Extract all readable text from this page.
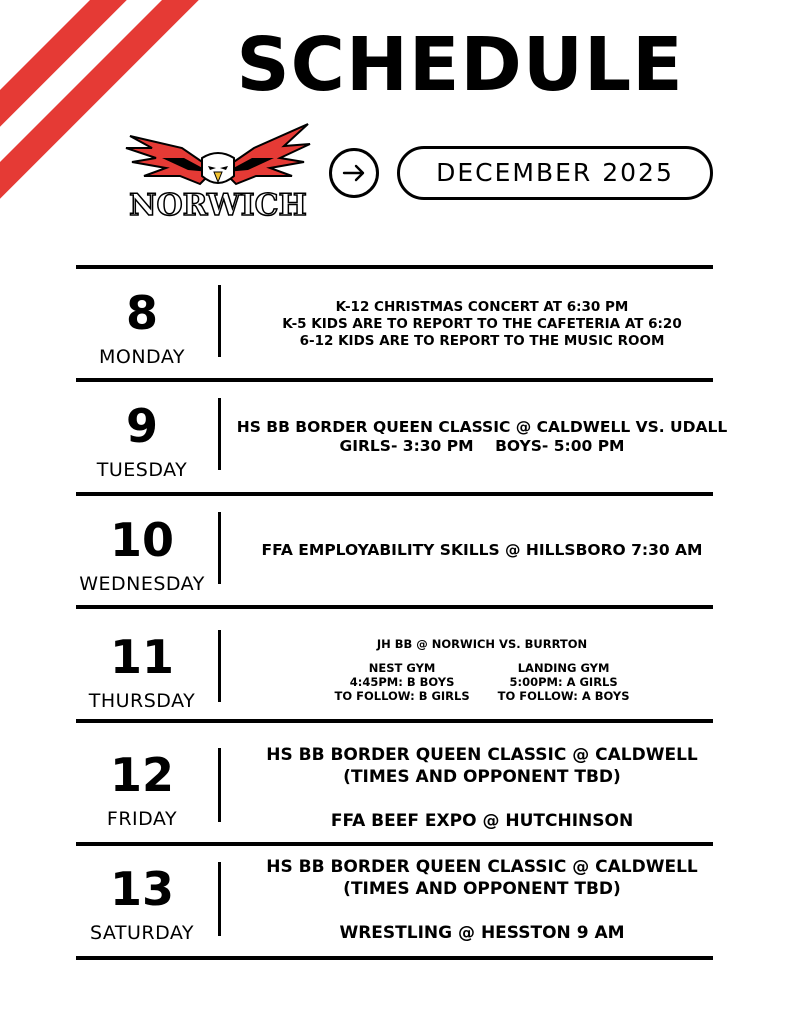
SCHEDULE
NORWICH
DECEMBER 2025
8
MONDAY
K-12 CHRISTMAS CONCERT AT 6:30 PM
K-5 KIDS ARE TO REPORT TO THE CAFETERIA AT 6:20
6-12 KIDS ARE TO REPORT TO THE MUSIC ROOM
9
TUESDAY
HS BB BORDER QUEEN CLASSIC @ CALDWELL VS. UDALL
GIRLS- 3:30 PM    BOYS- 5:00 PM
10
WEDNESDAY
FFA EMPLOYABILITY SKILLS @ HILLSBORO 7:30 AM
11
THURSDAY
JH BB @ NORWICH VS. BURRTON
NEST GYM
4:45PM: B BOYS
TO FOLLOW: B GIRLS
LANDING GYM
5:00PM: A GIRLS
TO FOLLOW: A BOYS
12
FRIDAY
HS BB BORDER QUEEN CLASSIC @ CALDWELL
(TIMES AND OPPONENT TBD)
FFA BEEF EXPO @ HUTCHINSON
13
SATURDAY
HS BB BORDER QUEEN CLASSIC @ CALDWELL
(TIMES AND OPPONENT TBD)
WRESTLING @ HESSTON 9 AM
